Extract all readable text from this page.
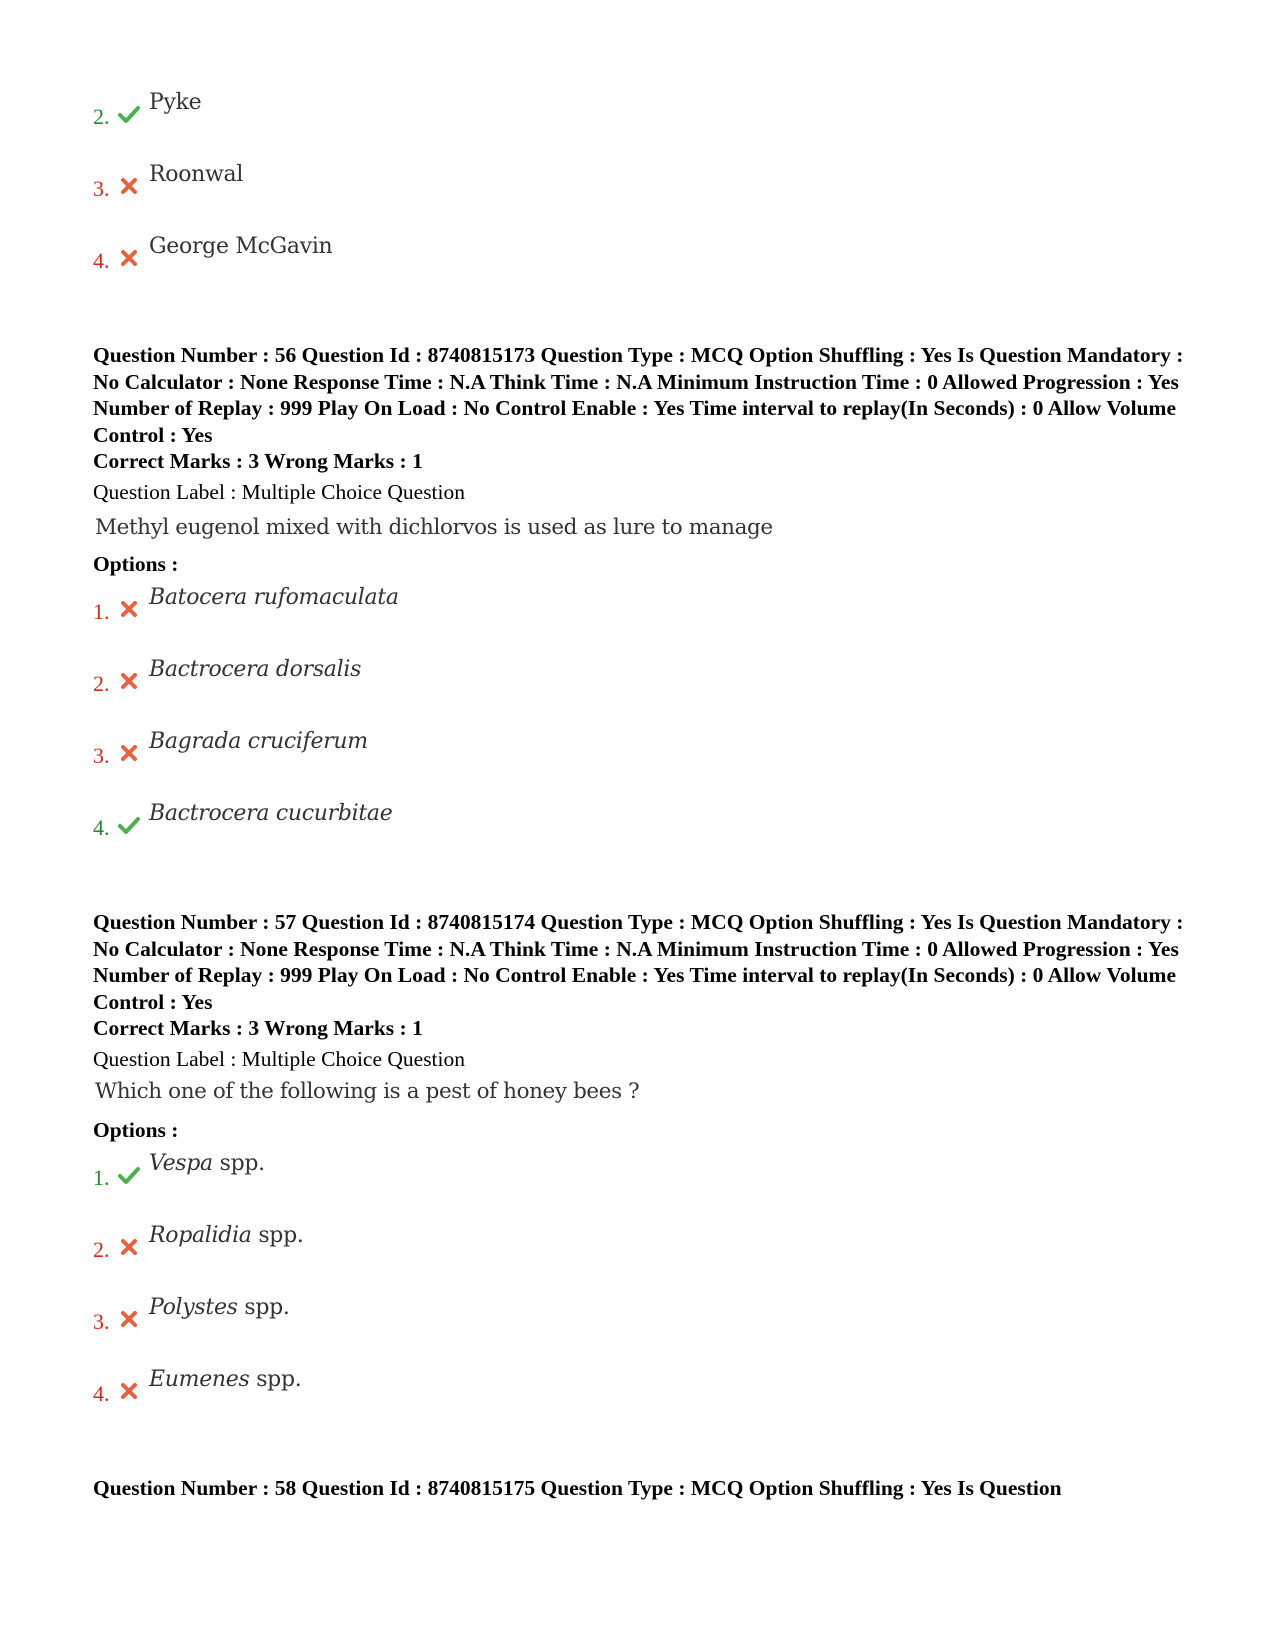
2.
Pyke
3.
Roonwal
4.
George McGavin
Question Number : 56 Question Id : 8740815173 Question Type : MCQ Option Shuffling : Yes Is Question Mandatory : No Calculator : None Response Time : N.A Think Time : N.A Minimum Instruction Time : 0 Allowed Progression : Yes Number of Replay : 999 Play On Load : No Control Enable : Yes Time interval to replay(In Seconds) : 0 Allow Volume Control : Yes
Correct Marks : 3 Wrong Marks : 1
Question Label : Multiple Choice Question
Methyl eugenol mixed with dichlorvos is used as lure to manage
Options :
1.
Batocera rufomaculata
2.
Bactrocera dorsalis
3.
Bagrada cruciferum
4.
Bactrocera cucurbitae
Question Number : 57 Question Id : 8740815174 Question Type : MCQ Option Shuffling : Yes Is Question Mandatory : No Calculator : None Response Time : N.A Think Time : N.A Minimum Instruction Time : 0 Allowed Progression : Yes Number of Replay : 999 Play On Load : No Control Enable : Yes Time interval to replay(In Seconds) : 0 Allow Volume Control : Yes
Correct Marks : 3 Wrong Marks : 1
Question Label : Multiple Choice Question
Which one of the following is a pest of honey bees ?
Options :
1.
Vespa spp.
2.
Ropalidia spp.
3.
Polystes spp.
4.
Eumenes spp.
Question Number : 58 Question Id : 8740815175 Question Type : MCQ Option Shuffling : Yes Is Question
